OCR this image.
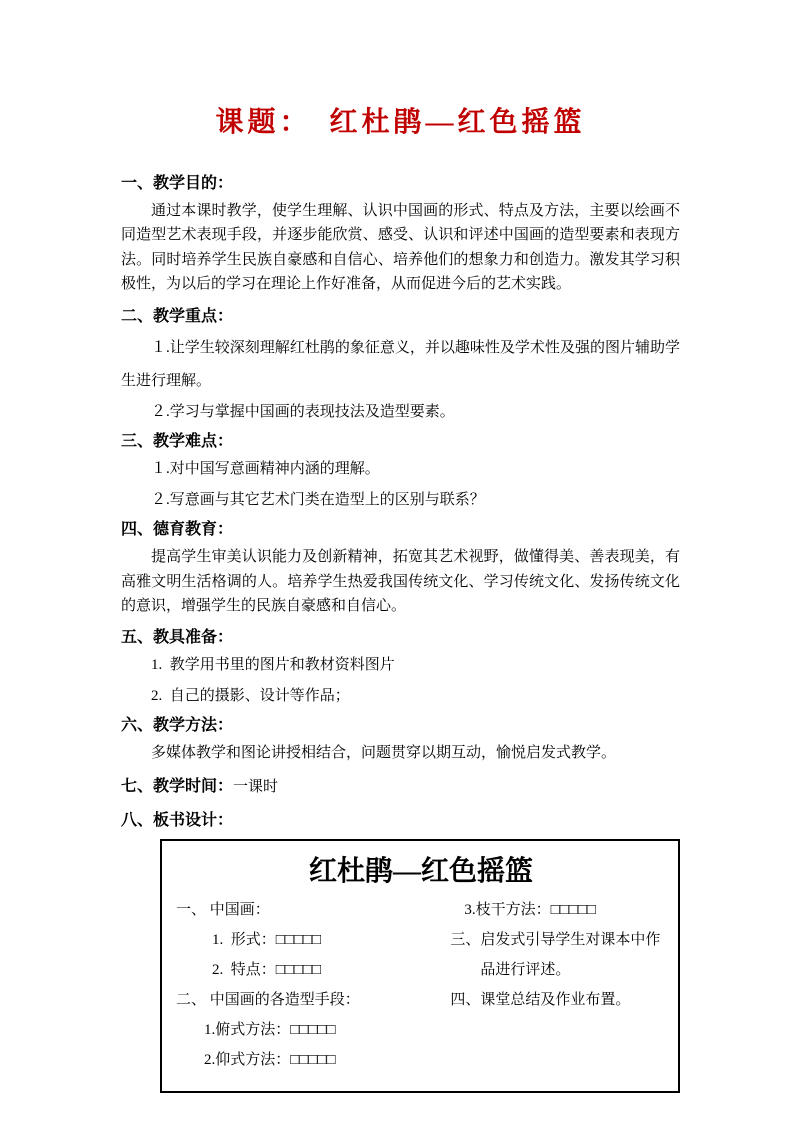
课题：　红杜鹃—红色摇篮
一、教学目的：

通过本课时教学，使学生理解、认识中国画的形式、特点及方法，主要以绘画不同造型艺术表现手段，并逐步能欣赏、感受、认识和评述中国画的造型要素和表现方法。同时培养学生民族自豪感和自信心、培养他们的想象力和创造力。激发其学习积极性，为以后的学习在理论上作好准备，从而促进今后的艺术实践。

二、教学重点：

１.让学生较深刻理解红杜鹃的象征意义，并以趣味性及学术性及强的图片辅助学生进行理解。

２.学习与掌握中国画的表现技法及造型要素。

三、教学难点：

１.对中国写意画精神内涵的理解。

２.写意画与其它艺术门类在造型上的区别与联系？

四、德育教育：

提高学生审美认识能力及创新精神，拓宽其艺术视野，做懂得美、善表现美，有高雅文明生活格调的人。培养学生热爱我国传统文化、学习传统文化、发扬传统文化的意识，增强学生的民族自豪感和自信心。

五、教具准备：

1.  教学用书里的图片和教材资料图片

2.  自己的摄影、设计等作品；

六、教学方法：

多媒体教学和图论讲授相结合，问题贯穿以期互动，愉悦启发式教学。

七、教学时间：一课时

八、板书设计：
红杜鹃—红色摇篮
一、 中国画：
1.  形式：□□□□□
2.  特点：□□□□□
二、 中国画的各造型手段：
1.俯式方法：□□□□□
2.仰式方法：□□□□□
3.枝干方法：□□□□□
三、启发式引导学生对课本中作品进行评述。
四、课堂总结及作业布置。
